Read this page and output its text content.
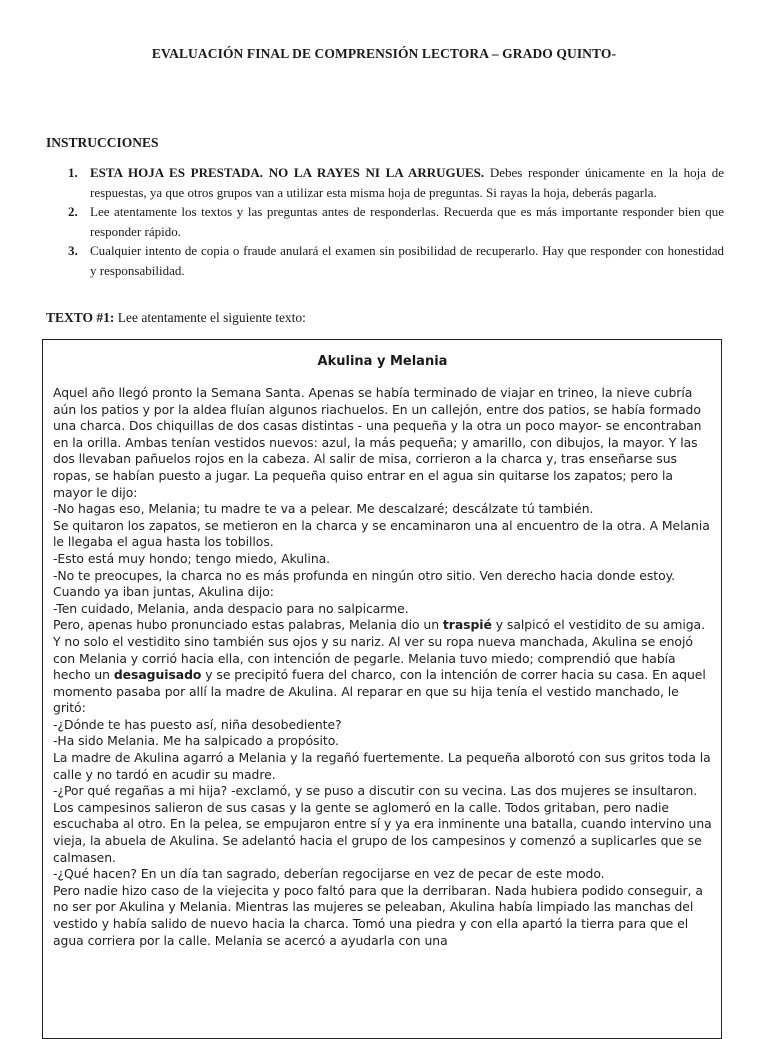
EVALUACIÓN FINAL DE COMPRENSIÓN LECTORA – GRADO QUINTO-
INSTRUCCIONES
1. ESTA HOJA ES PRESTADA. NO LA RAYES NI LA ARRUGUES. Debes responder únicamente en la hoja de respuestas, ya que otros grupos van a utilizar esta misma hoja de preguntas. Si rayas la hoja, deberás pagarla.
2. Lee atentamente los textos y las preguntas antes de responderlas. Recuerda que es más importante responder bien que responder rápido.
3. Cualquier intento de copia o fraude anulará el examen sin posibilidad de recuperarlo. Hay que responder con honestidad y responsabilidad.
TEXTO #1: Lee atentamente el siguiente texto:
Akulina y Melania

Aquel año llegó pronto la Semana Santa. Apenas se había terminado de viajar en trineo, la nieve cubría aún los patios y por la aldea fluían algunos riachuelos. En un callejón, entre dos patios, se había formado una charca. Dos chiquillas de dos casas distintas - una pequeña y la otra un poco mayor- se encontraban en la orilla. Ambas tenían vestidos nuevos: azul, la más pequeña; y amarillo, con dibujos, la mayor. Y las dos llevaban pañuelos rojos en la cabeza. Al salir de misa, corrieron a la charca y, tras enseñarse sus ropas, se habían puesto a jugar. La pequeña quiso entrar en el agua sin quitarse los zapatos; pero la mayor le dijo:

-No hagas eso, Melania; tu madre te va a pelear. Me descalzaré; descálzate tú también.

Se quitaron los zapatos, se metieron en la charca y se encaminaron una al encuentro de la otra. A Melania le llegaba el agua hasta los tobillos.

-Esto está muy hondo; tengo miedo, Akulina.

-No te preocupes, la charca no es más profunda en ningún otro sitio. Ven derecho hacia donde estoy.

Cuando ya iban juntas, Akulina dijo:

-Ten cuidado, Melania, anda despacio para no salpicarme.

Pero, apenas hubo pronunciado estas palabras, Melania dio un traspié y salpicó el vestidito de su amiga. Y no solo el vestidito sino también sus ojos y su nariz. Al ver su ropa nueva manchada, Akulina se enojó con Melania y corrió hacia ella, con intención de pegarle. Melania tuvo miedo; comprendió que había hecho un desaguisado y se precipitó fuera del charco, con la intención de correr hacia su casa. En aquel momento pasaba por allí la madre de Akulina. Al reparar en que su hija tenía el vestido manchado, le gritó:

-¿Dónde te has puesto así, niña desobediente?

-Ha sido Melania. Me ha salpicado a propósito.

La madre de Akulina agarró a Melania y la regañó fuertemente. La pequeña alborotó con sus gritos toda la calle y no tardó en acudir su madre.

-¿Por qué regañas a mi hija? -exclamó, y se puso a discutir con su vecina. Las dos mujeres se insultaron. Los campesinos salieron de sus casas y la gente se aglomeró en la calle. Todos gritaban, pero nadie escuchaba al otro. En la pelea, se empujaron entre sí y ya era inminente una batalla, cuando intervino una vieja, la abuela de Akulina. Se adelantó hacia el grupo de los campesinos y comenzó a suplicarles que se calmasen.

-¿Qué hacen? En un día tan sagrado, deberían regocijarse en vez de pecar de este modo.

Pero nadie hizo caso de la viejecita y poco faltó para que la derribaran. Nada hubiera podido conseguir, a no ser por Akulina y Melania. Mientras las mujeres se peleaban, Akulina había limpiado las manchas del vestido y había salido de nuevo hacia la charca. Tomó una piedra y con ella apartó la tierra para que el agua corriera por la calle. Melania se acercó a ayudarla con una
